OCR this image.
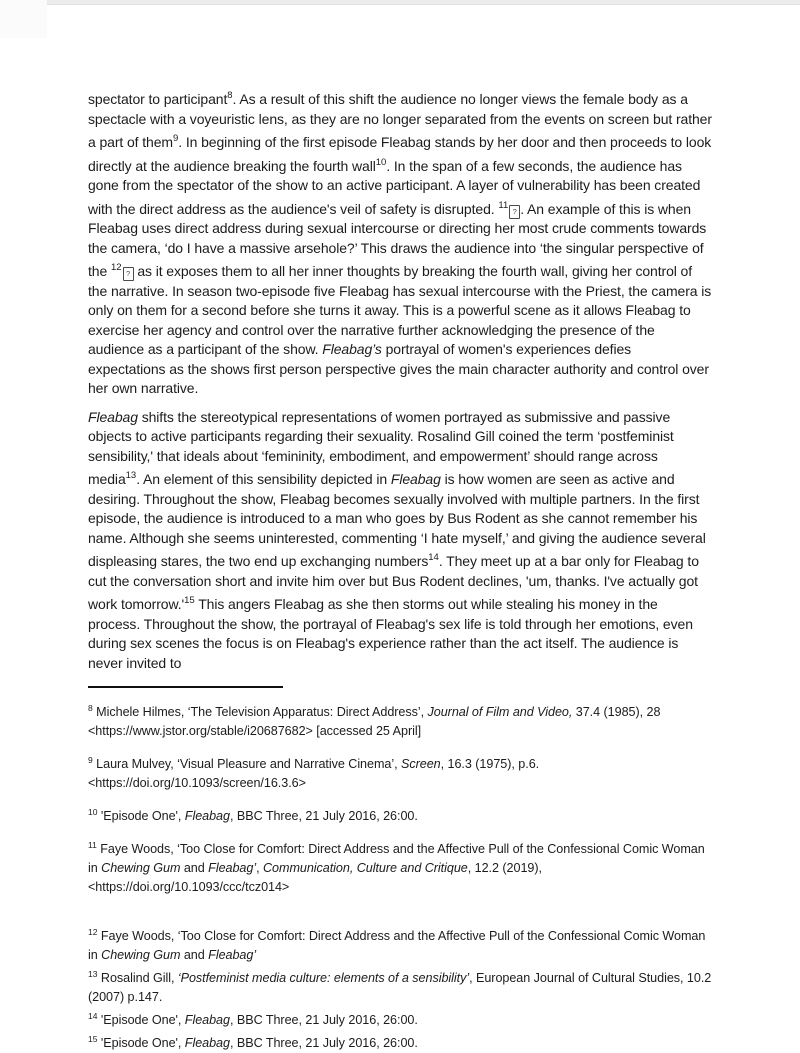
spectator to participant$^8$. As a result of this shift the audience no longer views the female body as a spectacle with a voyeuristic lens, as they are no longer separated from the events on screen but rather a part of them$^9$. In beginning of the first episode Fleabag stands by her door and then proceeds to look directly at the audience breaking the fourth wall$^{10}$. In the span of a few seconds, the audience has gone from the spectator of the show to an active participant. A layer of vulnerability has been created with the direct address as the audience's veil of safety is disrupted. $^{11}$? . An example of this is when Fleabag uses direct address during sexual intercourse or directing her most crude comments towards the camera, ‘do I have a massive arsehole?’ This draws the audience into ‘the singular perspective of the $^{12}$? as it exposes them to all her inner thoughts by breaking the fourth wall, giving her control of the narrative. In season two-episode five Fleabag has sexual intercourse with the Priest, the camera is only on them for a second before she turns it away. This is a powerful scene as it allows Fleabag to exercise her agency and control over the narrative further acknowledging the presence of the audience as a participant of the show. Fleabag’s portrayal of women's experiences defies expectations as the shows first person perspective gives the main character authority and control over her own narrative.

Fleabag shifts the stereotypical representations of women portrayed as submissive and passive objects to active participants regarding their sexuality. Rosalind Gill coined the term ‘postfeminist sensibility,' that ideals about ‘femininity, embodiment, and empowerment’ should range across media$^{13}$. An element of this sensibility depicted in Fleabag is how women are seen as active and desiring. Throughout the show, Fleabag becomes sexually involved with multiple partners. In the first episode, the audience is introduced to a man who goes by Bus Rodent as she cannot remember his name. Although she seems uninterested, commenting ‘I hate myself,’ and giving the audience several displeasing stares, the two end up exchanging numbers$^{14}$. They meet up at a bar only for Fleabag to cut the conversation short and invite him over but Bus Rodent declines, 'um, thanks. I've actually got work $tomorrow.'^{15}$ This angers Fleabag as she then storms out while stealing his money in the process. Throughout the show, the portrayal of Fleabag's sex life is told through her emotions, even during sex scenes the focus is on Fleabag's experience rather than the act itself. The audience is never invited to

$^8$ Michele Hilmes, ‘The Television Apparatus: Direct Address’, Journal of Film and Video, 37.4 (1985), 28 <https://www.jstor.org/stable/i20687682> [accessed 25 April]

$^9$ Laura Mulvey, ‘Visual Pleasure and Narrative Cinema’, Screen, 16.3 (1975), p.6. <https://doi.org/10.1093/screen/16.3.6>

$^{10}$ 'Episode One', Fleabag, BBC Three, 21 July 2016, 26:00.

$^{11}$ Faye Woods, ‘Too Close for Comfort: Direct Address and the Affective Pull of the Confessional Comic Woman in Chewing Gum and Fleabag’, Communication, Culture and Critique, 12.2 (2019), <https://doi.org/10.1093/ccc/tcz014>

$^{12}$ Faye Woods, ‘Too Close for Comfort: Direct Address and the Affective Pull of the Confessional Comic Woman in Chewing Gum and Fleabag’

$^{13}$ Rosalind Gill, ‘Postfeminist media culture: elements of a sensibility’, European Journal of Cultural Studies, 10.2 (2007) p.147.

$^{14}$ 'Episode One', Fleabag, BBC Three, 21 July 2016, 26:00.

$^{15}$ 'Episode One', Fleabag, BBC Three, 21 July 2016, 26:00.
